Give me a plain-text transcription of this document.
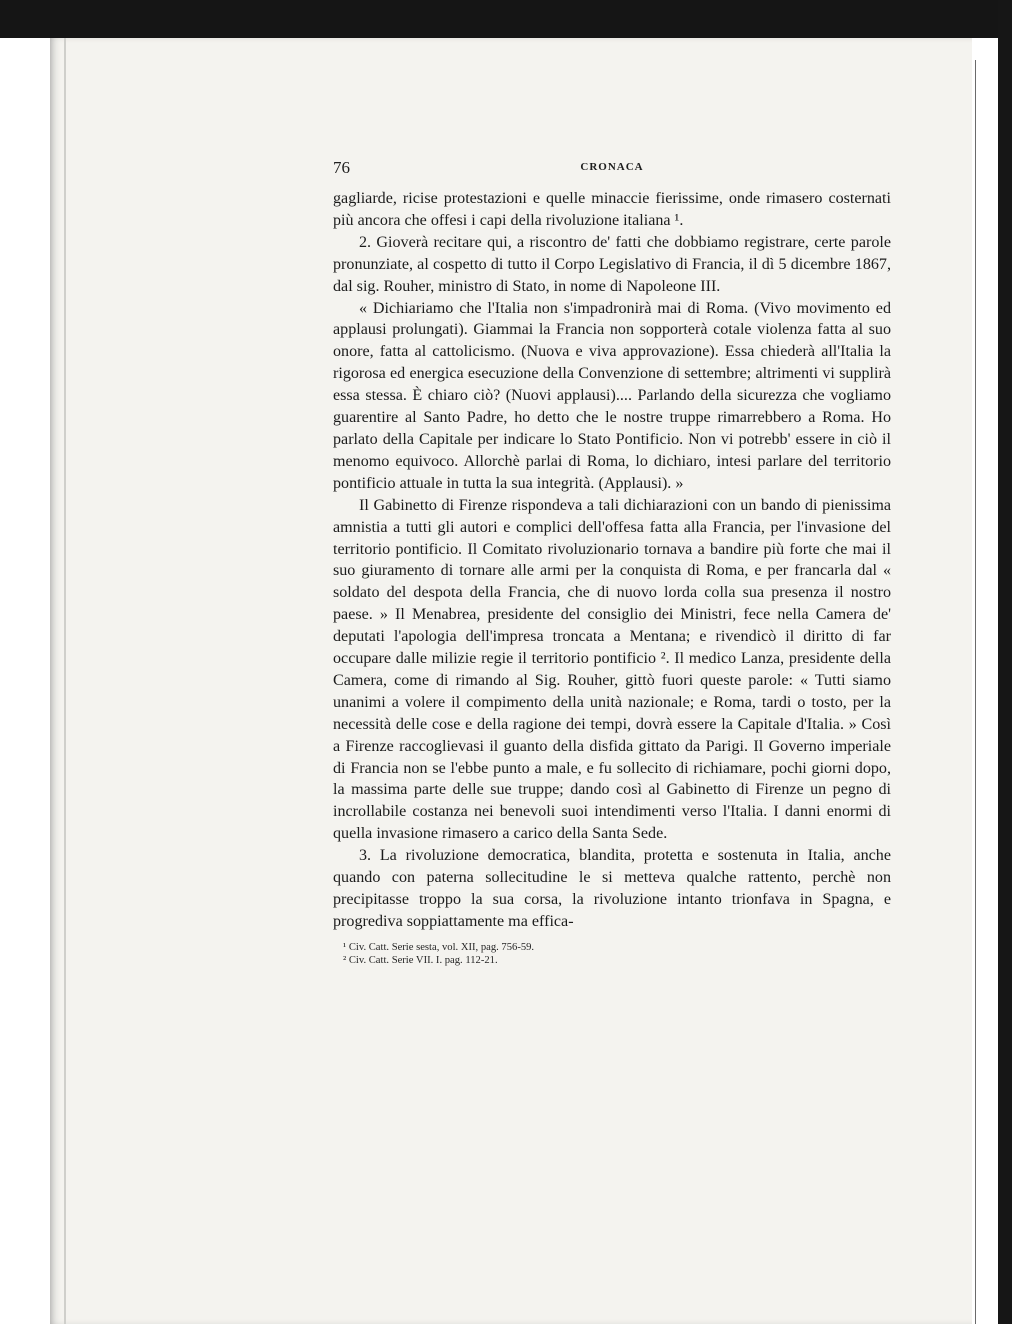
76	CRONACA

gagliarde, ricise protestazioni e quelle minaccie fierissime, onde rimasero costernati più ancora che offesi i capi della rivoluzione italiana ¹.

2. Gioverà recitare qui, a riscontro de' fatti che dobbiamo registrare, certe parole pronunziate, al cospetto di tutto il Corpo Legislativo di Francia, il dì 5 dicembre 1867, dal sig. Rouher, ministro di Stato, in nome di Napoleone III.

« Dichiariamo che l'Italia non s'impadronirà mai di Roma. (Vivo movimento ed applausi prolungati). Giammai la Francia non sopporterà cotale violenza fatta al suo onore, fatta al cattolicismo. (Nuova e viva approvazione). Essa chiederà all'Italia la rigorosa ed energica esecuzione della Convenzione di settembre; altrimenti vi supplirà essa stessa. È chiaro ciò? (Nuovi applausi).... Parlando della sicurezza che vogliamo guarentire al Santo Padre, ho detto che le nostre truppe rimarrebbero a Roma. Ho parlato della Capitale per indicare lo Stato Pontificio. Non vi potrebb' essere in ciò il menomo equivoco. Allorchè parlai di Roma, lo dichiaro, intesi parlare del territorio pontificio attuale in tutta la sua integrità. (Applausi). »

Il Gabinetto di Firenze rispondeva a tali dichiarazioni con un bando di pienissima amnistia a tutti gli autori e complici dell'offesa fatta alla Francia, per l'invasione del territorio pontificio. Il Comitato rivoluzionario tornava a bandire più forte che mai il suo giuramento di tornare alle armi per la conquista di Roma, e per francarla dal « soldato del despota della Francia, che di nuovo lorda colla sua presenza il nostro paese. » Il Menabrea, presidente del consiglio dei Ministri, fece nella Camera de' deputati l'apologia dell'impresa troncata a Mentana; e rivendicò il diritto di far occupare dalle milizie regie il territorio pontificio ². Il medico Lanza, presidente della Camera, come di rimando al Sig. Rouher, gittò fuori queste parole: « Tutti siamo unanimi a volere il compimento della unità nazionale; e Roma, tardi o tosto, per la necessità delle cose e della ragione dei tempi, dovrà essere la Capitale d'Italia. » Così a Firenze raccoglievasi il guanto della disfida gittato da Parigi. Il Governo imperiale di Francia non se l'ebbe punto a male, e fu sollecito di richiamare, pochi giorni dopo, la massima parte delle sue truppe; dando così al Gabinetto di Firenze un pegno di incrollabile costanza nei benevoli suoi intendimenti verso l'Italia. I danni enormi di quella invasione rimasero a carico della Santa Sede.

3. La rivoluzione democratica, blandita, protetta e sostenuta in Italia, anche quando con paterna sollecitudine le si metteva qualche rattento, perchè non precipitasse troppo la sua corsa, la rivoluzione intanto trionfava in Spagna, e progrediva soppiattamente ma effica-

¹ Civ. Catt. Serie sesta, vol. XII, pag. 756-59.

² Civ. Catt. Serie VII. I. pag. 112-21.
